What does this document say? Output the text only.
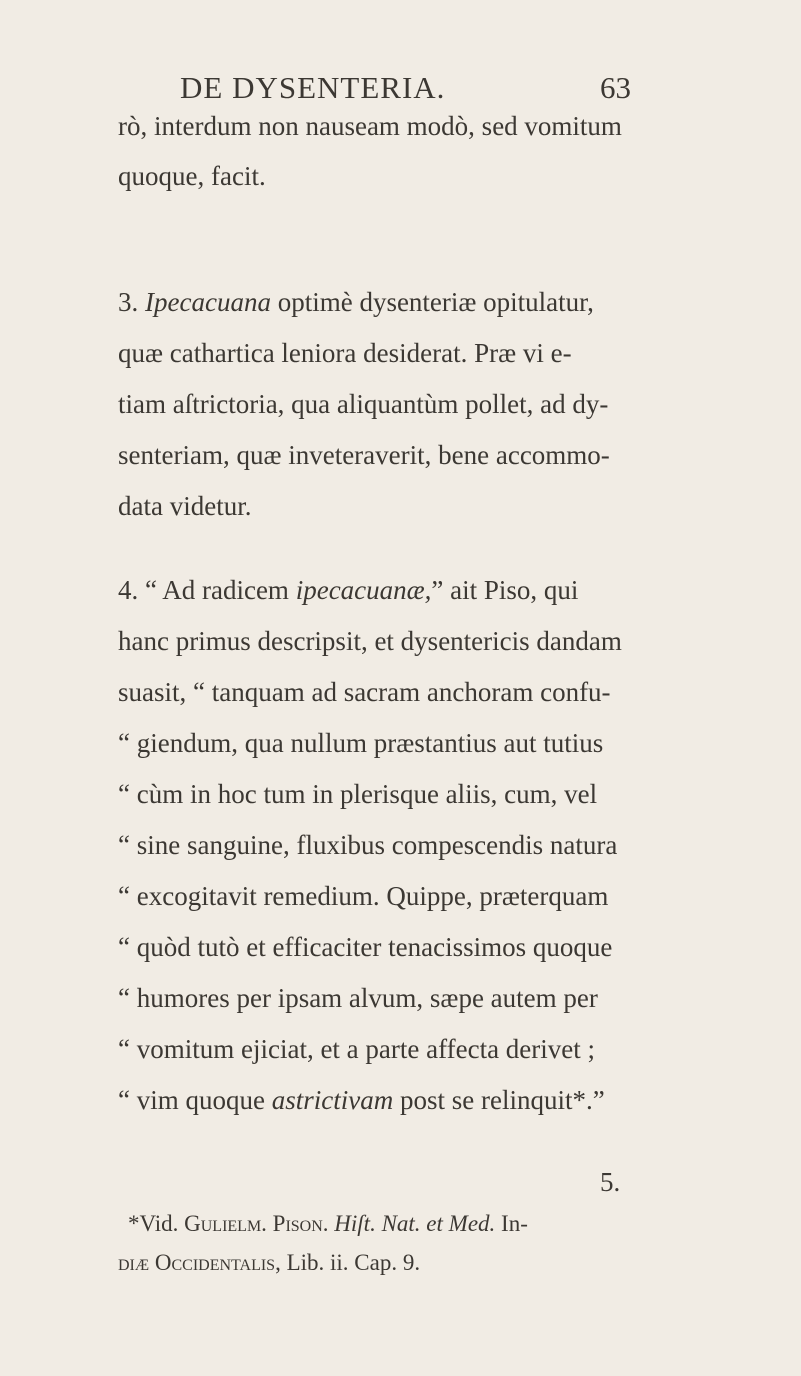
DE DYSENTERIA.	63
rò, interdum non nauseam modò, sed vomitum
quoque, facit.
3. Ipecacuana optimè dysenteriæ opitulatur,
quæ cathartica leniora desiderat. Præ vi e-
tiam aſtrictoria, qua aliquantùm pollet, ad dy-
senteriam, quæ inveteraverit, bene accommo-
data videtur.
4. “ Ad radicem ipecacuanæ,” ait Piso, qui
hanc primus descripsit, et dysentericis dandam
suasit, “ tanquam ad sacram anchoram confu-
“ giendum, qua nullum præstantius aut tutius
“ cùm in hoc tum in plerisque aliis, cum, vel
“ sine sanguine, fluxibus compescendis natura
“ excogitavit remedium. Quippe, prӕterquam
“ quòd tutò et efficaciter tenacissimos quoque
“ humores per ipsam alvum, sæpe autem per
“ vomitum ejiciat, et a parte affecta derivet ;
“ vim quoque astrictivam post se relinquit*.”
5.
*Vid. Gulielm. Pison. Hiſt. Nat. et Med. In-
diæ Occidentalis, Lib. ii. Cap. 9.
